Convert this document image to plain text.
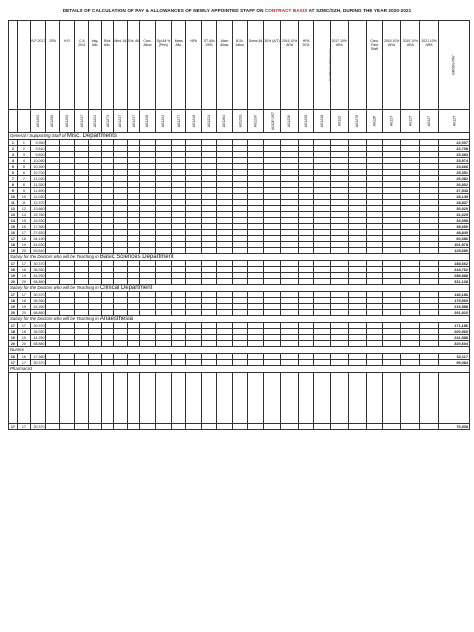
DETAILS OF CALCULATION OF PAY & ALLOWANCES OF NEWLY APPOINTED STAFF ON CONTRACT BASIS AT SZMC/SZH, DURING THE YEAR 2020-2021
		B.P 2017	SPA	H.R	C.A 2011	Intg. Allo.	Risk Allo.	Med. All	Ent. All	Com. Allow	Spl.All % (Pers)	Mess Allo.	NPA	ST Allo 1991	Alien Allow.	B.Sc. Allow.	Dress All	30% (A/T)	2016 10% ARA	HPA 2011		2017 10% ARA		Conv. Paid Staff	2018 10% ARA	2019 10% ARA	2021 10% ARA	GROSS PAY
		A01202	A01236	A01203	A01217	A01224	A01271	A01217	A01217	A01226	A01224	A01277	A01240	A01224	A01264	A0123S	A0123V	A012P-557	A01230	A01239	A01218	A012Z	A01270	A012P	A012T	A012T	A0127	A012T
General / Supporting Staff of Misc. Departments																												
1	1	9,350																										22,007
2	2	9,510																										22,708
3	3	9,830																										23,383
4	4	10,090																										23,974
5	5	10,390																										24,666
6	6	10,700																										25,351
7	7	11,030																										26,082
8	8	11,350																										26,802
9	9	11,690																										27,543
10	10	12,030																										28,149
11	11	12,370																										28,837
12	12	13,660																										30,020
13	14	15,780																										31,625
14	15	16,530																										34,098
15	16	17,360																										38,650
16	17	27,630																										48,840
17	18	34,190																										60,686
18	19	44,530																										101,878
19	20	63,640																										125,680
Salary for the Doctors who will be Teaching in Basic Sciences Department																												
17	17	30,370																										188,662
18	18	38,350																										218,762
19	19	44,250																										288,888
20	20	68,880																										331,108
Salary for the Doctors who will be Teaching in Clinical Department																												
17	17	30,370																										146,186
18	18	38,350																										175,960
19	19	44,250																										216,588
20	20	68,880																										291,810
Salary for the Doctors who will be Teaching in Anaesthesia																												
17	17	30,370																										171,186
18	18	38,350																										200,960
19	19	44,250																										241,588
20	20	68,880																										320,604
Nurses																												
16	16	17,360																										62,117
17	17	30,370																										99,084
Pharmacist																												

17	17	30,370																										76,938
